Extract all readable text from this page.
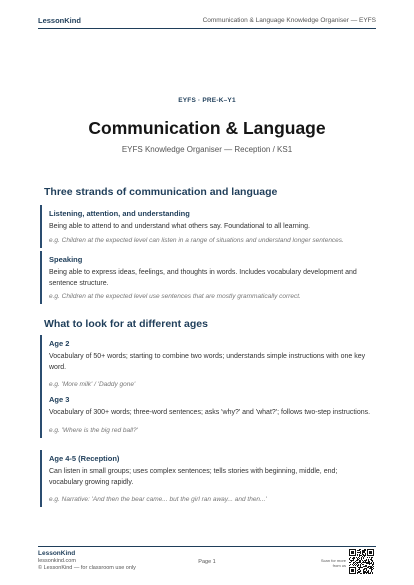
LessonKind	Communication & Language Knowledge Organiser — EYFS
EYFS · PRE-K–Y1
Communication & Language
EYFS Knowledge Organiser — Reception / KS1
Three strands of communication and language
Listening, attention, and understanding
Being able to attend to and understand what others say. Foundational to all learning.
e.g. Children at the expected level can listen in a range of situations and understand longer sentences.
Speaking
Being able to express ideas, feelings, and thoughts in words. Includes vocabulary development and sentence structure.
e.g. Children at the expected level use sentences that are mostly grammatically correct.
What to look for at different ages
Age 2
Vocabulary of 50+ words; starting to combine two words; understands simple instructions with one key word.
e.g. 'More milk' / 'Daddy gone'
Age 3
Vocabulary of 300+ words; three-word sentences; asks 'why?' and 'what?'; follows two-step instructions.
e.g. 'Where is the big red ball?'
Age 4-5 (Reception)
Can listen in small groups; uses complex sentences; tells stories with beginning, middle, end; vocabulary growing rapidly.
e.g. Narrative: 'And then the bear came... but the girl ran away... and then...'
LessonKind
lessonkind.com
© LessonKind — for classroom use only
Page 1	Scan for more from us
